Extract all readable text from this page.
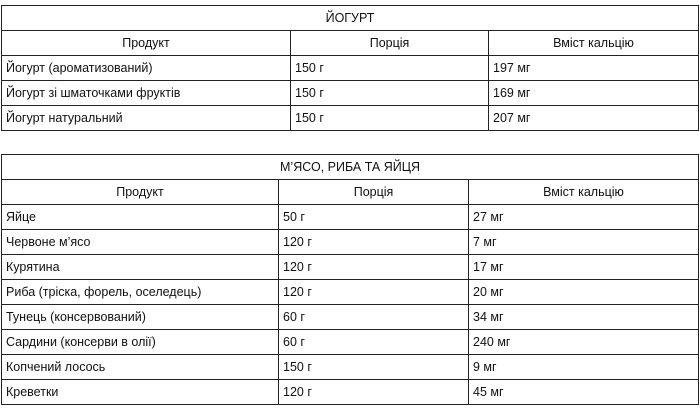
ЙОГУРТ		
Продукт	Порція	Вміст кальцію
Йогурт (ароматизований)	150 г	197 мг
Йогурт зі шматочками фруктів	150 г	169 мг
Йогурт натуральний	150 г	207 мг
М’ЯСО, РИБА ТА ЯЙЦЯ		
Продукт	Порція	Вміст кальцію
Яйце	50 г	27 мг
Червоне м’ясо	120 г	7 мг
Курятина	120 г	17 мг
Риба (тріска, форель, оселедець)	120 г	20 мг
Тунець (консервований)	60 г	34 мг
Сардини (консерви в олії)	60 г	240 мг
Копчений лосось	150 г	9 мг
Креветки	120 г	45 мг
